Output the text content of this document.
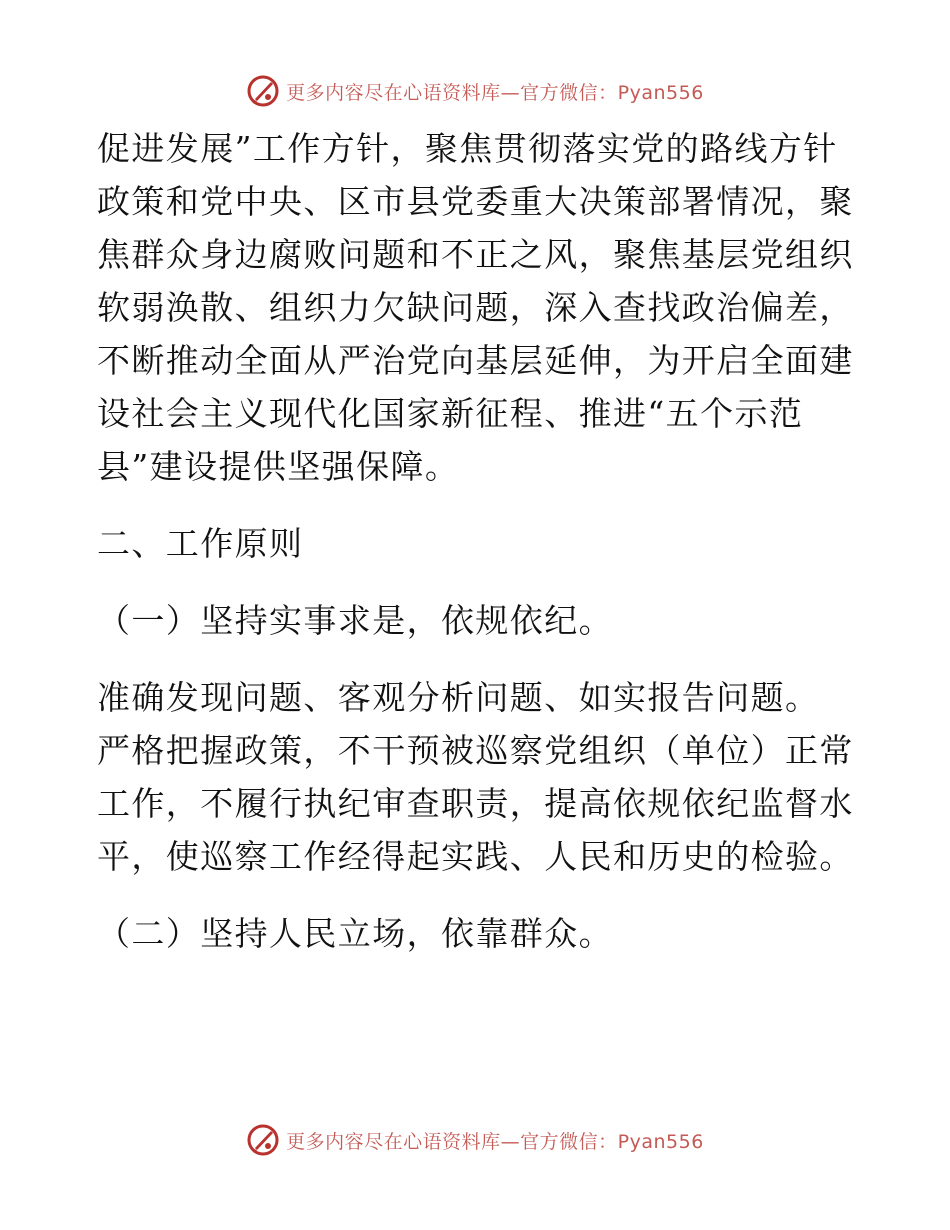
更多内容尽在心语资料库—官方微信：Pyan556
促进发展”工作方针，聚焦贯彻落实党的路线方针
政策和党中央、区市县党委重大决策部署情况，聚
焦群众身边腐败问题和不正之风，聚焦基层党组织
软弱涣散、组织力欠缺问题，深入查找政治偏差，
不断推动全面从严治党向基层延伸，为开启全面建
设社会主义现代化国家新征程、推进“五个示范
县”建设提供坚强保障。
二、工作原则
（一）坚持实事求是，依规依纪。
准确发现问题、客观分析问题、如实报告问题。
严格把握政策，不干预被巡察党组织（单位）正常
工作，不履行执纪审查职责，提高依规依纪监督水
平，使巡察工作经得起实践、人民和历史的检验。
（二）坚持人民立场，依靠群众。
更多内容尽在心语资料库—官方微信：Pyan556
